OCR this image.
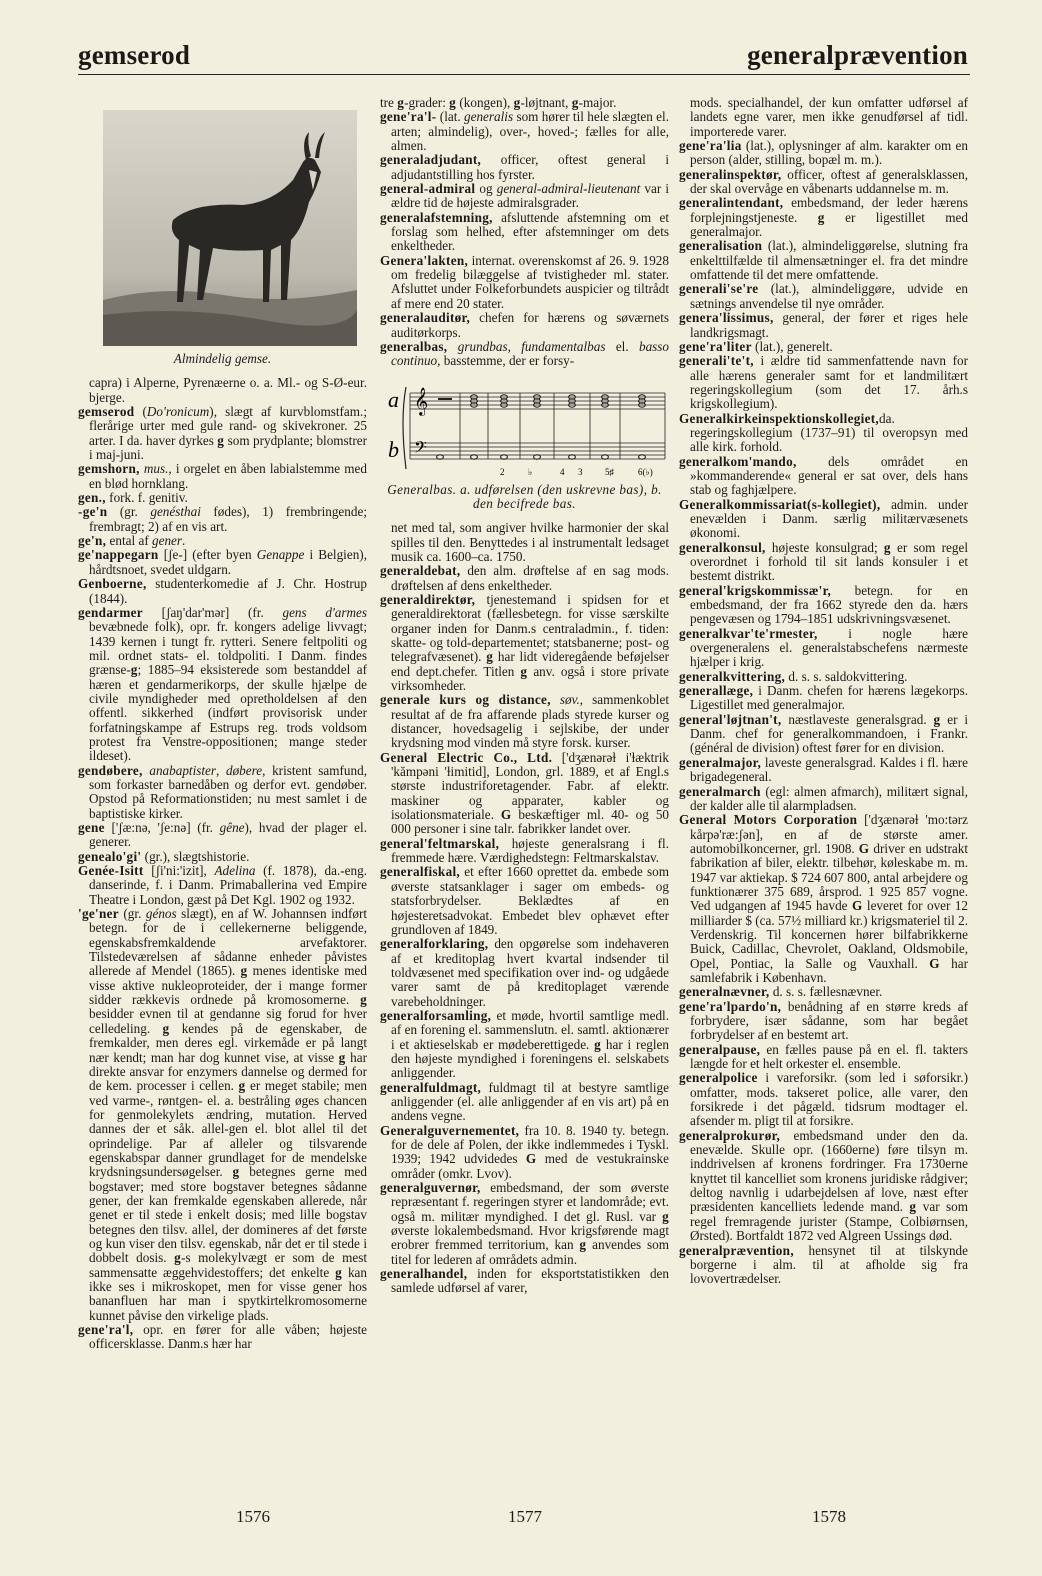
gemserod	generalprævention
Almindelig gemse.

capra) i Alperne, Pyrenæerne o. a. Ml.- og S-Ø-eur. bjerge.

gemserod (Do'ronicum), slægt af kurvblomstfam.; flerårige urter med gule rand- og skivekroner. 25 arter. I da. haver dyrkes g som prydplante; blomstrer i maj-juni.

gemshorn, mus., i orgelet en åben labialstemme med en blød hornklang.

gen., fork. f. genitiv.

-ge'n (gr. genésthai fødes), 1) frembringende; frembragt; 2) af en vis art.

ge'n, ental af gener.

ge'nappegarn [ʃe-] (efter byen Genappe i Belgien), hårdtsnoet, svedet uldgarn.

Genboerne, studenterkomedie af J. Chr. Hostrup (1844).

gendarmer [ʃaŋ'dar'mər] (fr. gens d'armes bevæbnede folk), opr. fr. kongers adelige livvagt; 1439 kernen i tungt fr. rytteri. Senere feltpoliti og mil. ordnet stats- el. toldpoliti. I Danm. findes grænse-g; 1885–94 eksisterede som bestanddel af hæren et gendarmerikorps, der skulle hjælpe de civile myndigheder med opretholdelsen af den offentl. sikkerhed (indført provisorisk under forfatningskampe af Estrups reg. trods voldsom protest fra Venstre-oppositionen; mange steder ildeset).

gendøbere, anabaptister, døbere, kristent samfund, som forkaster barnedåben og derfor evt. gendøber. Opstod på Reformationstiden; nu mest samlet i de baptistiske kirker.

gene ['ʃæ:nə, 'ʃe:nə] (fr. gêne), hvad der plager el. generer.

genealo'gi' (gr.), slægtshistorie.

Genée-Isitt [ʃi'ni:'izit], Adelina (f. 1878), da.-eng. danserinde, f. i Danm. Primaballerina ved Empire Theatre i London, gæst på Det Kgl. 1902 og 1932.

'ge'ner (gr. génos slægt), en af W. Johannsen indført betegn. for de i cellekernerne beliggende, egenskabsfremkaldende arvefaktorer. Tilstedeværelsen af sådanne enheder påvistes allerede af Mendel (1865). g menes identiske med visse aktive nukleoproteider, der i mange former sidder rækkevis ordnede på kromosomerne. g besidder evnen til at gendanne sig forud for hver celledeling. g kendes på de egenskaber, de fremkalder, men deres egl. virkemåde er på langt nær kendt; man har dog kunnet vise, at visse g har direkte ansvar for enzymers dannelse og dermed for de kem. processer i cellen. g er meget stabile; men ved varme-, røntgen- el. a. bestråling øges chancen for genmolekylets ændring, mutation. Herved dannes der et såk. allel-gen el. blot allel til det oprindelige. Par af alleler og tilsvarende egenskabspar danner grundlaget for de mendelske krydsningsundersøgelser. g betegnes gerne med bogstaver; med store bogstaver betegnes sådanne gener, der kan fremkalde egenskaben allerede, når genet er til stede i enkelt dosis; med lille bogstav betegnes den tilsv. allel, der domineres af det første og kun viser den tilsv. egenskab, når det er til stede i dobbelt dosis. g-s molekylvægt er som de mest sammensatte æggehvidestoffers; det enkelte g kan ikke ses i mikroskopet, men for visse gener hos bananfluen har man i spytkirtelkromosomerne kunnet påvise den virkelige plads.

gene'ra'l, opr. en fører for alle våben; højeste officersklasse. Danm.s hær har

tre g-grader: g (kongen), g-løjtnant, g-major.

gene'ra'l- (lat. generalis som hører til hele slægten el. arten; almindelig), over-, hoved-; fælles for alle, almen.

generaladjudant, officer, oftest general i adjudantstilling hos fyrster.

general-admiral og general-admiral-lieutenant var i ældre tid de højeste admiralsgrader.

generalafstemning, afsluttende afstemning om et forslag som helhed, efter afstemninger om dets enkeltheder.

Genera'lakten, internat. overenskomst af 26. 9. 1928 om fredelig bilæggelse af tvistigheder ml. stater. Afsluttet under Folkeforbundets auspicier og tiltrådt af mere end 20 stater.

generalauditør, chefen for hærens og søværnets auditørkorps.

generalbas, grundbas, fundamentalbas el. basso continuo, basstemme, der er forsy-

a
b
𝄞
𝄢
2	♭	4 3	5♯	6(♭)
Generalbas. a. udførelsen (den uskrevne bas), b. den becifrede bas.

net med tal, som angiver hvilke harmonier der skal spilles til den. Benyttedes i al instrumentalt ledsaget musik ca. 1600–ca. 1750.

generaldebat, den alm. drøftelse af en sag mods. drøftelsen af dens enkeltheder.

generaldirektør, tjenestemand i spidsen for et generaldirektorat (fællesbetegn. for visse særskilte organer inden for Danm.s centraladmin., f. tiden: skatte- og told-departementet; statsbanerne; post- og telegrafvæsenet). g har lidt videregående beføjelser end dept.chefer. Titlen g anv. også i store private virksomheder.

generale kurs og distance, søv., sammenkoblet resultat af de fra affarende plads styrede kurser og distancer, hovedsagelig i sejlskibe, der under krydsning mod vinden må styre forsk. kurser.

General Electric Co., Ltd. ['dʒænərəɫ i'ɫæktrik 'kămpəni 'ɫimitid], London, grl. 1889, et af Engl.s største industriforetagender. Fabr. af elektr. maskiner og apparater, kabler og isolationsmateriale. G beskæftiger ml. 40- og 50 000 personer i sine talr. fabrikker landet over.

general'feltmarskal, højeste generalsrang i fl. fremmede hære. Værdighedstegn: Feltmarskalstav.

generalfiskal, et efter 1660 oprettet da. embede som øverste statsanklager i sager om embeds- og statsforbrydelser. Beklædtes af en højesteretsadvokat. Embedet blev ophævet efter grundloven af 1849.

generalforklaring, den opgørelse som indehaveren af et kreditoplag hvert kvartal indsender til toldvæsenet med specifikation over ind- og udgåede varer samt de på kreditoplaget værende varebeholdninger.

generalforsamling, et møde, hvortil samtlige medl. af en forening el. sammenslutn. el. samtl. aktionærer i et aktieselskab er mødeberettigede. g har i reglen den højeste myndighed i foreningens el. selskabets anliggender.

generalfuldmagt, fuldmagt til at bestyre samtlige anliggender (el. alle anliggender af en vis art) på en andens vegne.

Generalguvernementet, fra 10. 8. 1940 ty. betegn. for de dele af Polen, der ikke indlemmedes i Tyskl. 1939; 1942 udvidedes G med de vestukrainske områder (omkr. Lvov).

generalguvernør, embedsmand, der som øverste repræsentant f. regeringen styrer et landområde; evt. også m. militær myndighed. I det gl. Rusl. var g øverste lokalembedsmand. Hvor krigsførende magt erobrer fremmed territorium, kan g anvendes som titel for lederen af områdets admin.

generalhandel, inden for eksportstatistikken den samlede udførsel af varer,

mods. specialhandel, der kun omfatter udførsel af landets egne varer, men ikke genudførsel af tidl. importerede varer.

gene'ra'lia (lat.), oplysninger af alm. karakter om en person (alder, stilling, bopæl m. m.).

generalinspektør, officer, oftest af generalsklassen, der skal overvåge en våbenarts uddannelse m. m.

generalintendant, embedsmand, der leder hærens forplejningstjeneste. g er ligestillet med generalmajor.

generalisation (lat.), almindeliggørelse, slutning fra enkelttilfælde til almensætninger el. fra det mindre omfattende til det mere omfattende.

generali'se're (lat.), almindeliggøre, udvide en sætnings anvendelse til nye områder.

genera'lissimus, general, der fører et riges hele landkrigsmagt.

gene'ra'liter (lat.), generelt.

generali'te't, i ældre tid sammenfattende navn for alle hærens generaler samt for et landmilitært regeringskollegium (som det 17. årh.s krigskollegium).

Generalkirkeinspektionskollegiet,da. regeringskollegium (1737–91) til overopsyn med alle kirk. forhold.

generalkom'mando, dels området en »kommanderende« general er sat over, dels hans stab og faghjælpere.

Generalkommissariat(s-kollegiet), admin. under enevælden i Danm. særlig militærvæsenets økonomi.

generalkonsul, højeste konsulgrad; g er som regel overordnet i forhold til sit lands konsuler i et bestemt distrikt.

general'krigskommissæ'r, betegn. for en embedsmand, der fra 1662 styrede den da. hærs pengevæsen og 1794–1851 udskrivningsvæsenet.

generalkvar'te'rmester, i nogle hære overgeneralens el. generalstabschefens nærmeste hjælper i krig.

generalkvittering, d. s. s. saldokvittering.

generallæge, i Danm. chefen for hærens lægekorps. Ligestillet med generalmajor.

general'løjtnan't, næstlaveste generalsgrad. g er i Danm. chef for generalkommandoen, i Frankr. (général de division) oftest fører for en division.

generalmajor, laveste generalsgrad. Kaldes i fl. hære brigadegeneral.

generalmarch (egl: almen afmarch), militært signal, der kalder alle til alarmpladsen.

General Motors Corporation ['dʒænərəɫ 'mo:tərz kårpə'ræ:ʃən], en af de største amer. automobilkoncerner, grl. 1908. G driver en udstrakt fabrikation af biler, elektr. tilbehør, køleskabe m. m. 1947 var aktiekap. $ 724 607 800, antal arbejdere og funktionærer 375 689, årsprod. 1 925 857 vogne. Ved udgangen af 1945 havde G leveret for over 12 milliarder $ (ca. 57½ milliard kr.) krigsmateriel til 2. Verdenskrig. Til koncernen hører bilfabrikkerne Buick, Cadillac, Chevrolet, Oakland, Oldsmobile, Opel, Pontiac, la Salle og Vauxhall. G har samlefabrik i København.

generalnævner, d. s. s. fællesnævner.

gene'ra'lpardo'n, benådning af en større kreds af forbrydere, især sådanne, som har begået forbrydelser af en bestemt art.

generalpause, en fælles pause på en el. fl. takters længde for et helt orkester el. ensemble.

generalpolice i vareforsikr. (som led i søforsikr.) omfatter, mods. takseret police, alle varer, den forsikrede i det pågæld. tidsrum modtager el. afsender m. pligt til at forsikre.

generalprokurør, embedsmand under den da. enevælde. Skulle opr. (1660erne) føre tilsyn m. inddrivelsen af kronens fordringer. Fra 1730erne knyttet til kancelliet som kronens juridiske rådgiver; deltog navnlig i udarbejdelsen af love, næst efter præsidenten kancelliets ledende mand. g var som regel fremragende jurister (Stampe, Colbiørnsen, Ørsted). Bortfaldt 1872 ved Algreen Ussings død.

generalprævention, hensynet til at tilskynde borgerne i alm. til at afholde sig fra lovovertrædelser.

1576	1577	1578
